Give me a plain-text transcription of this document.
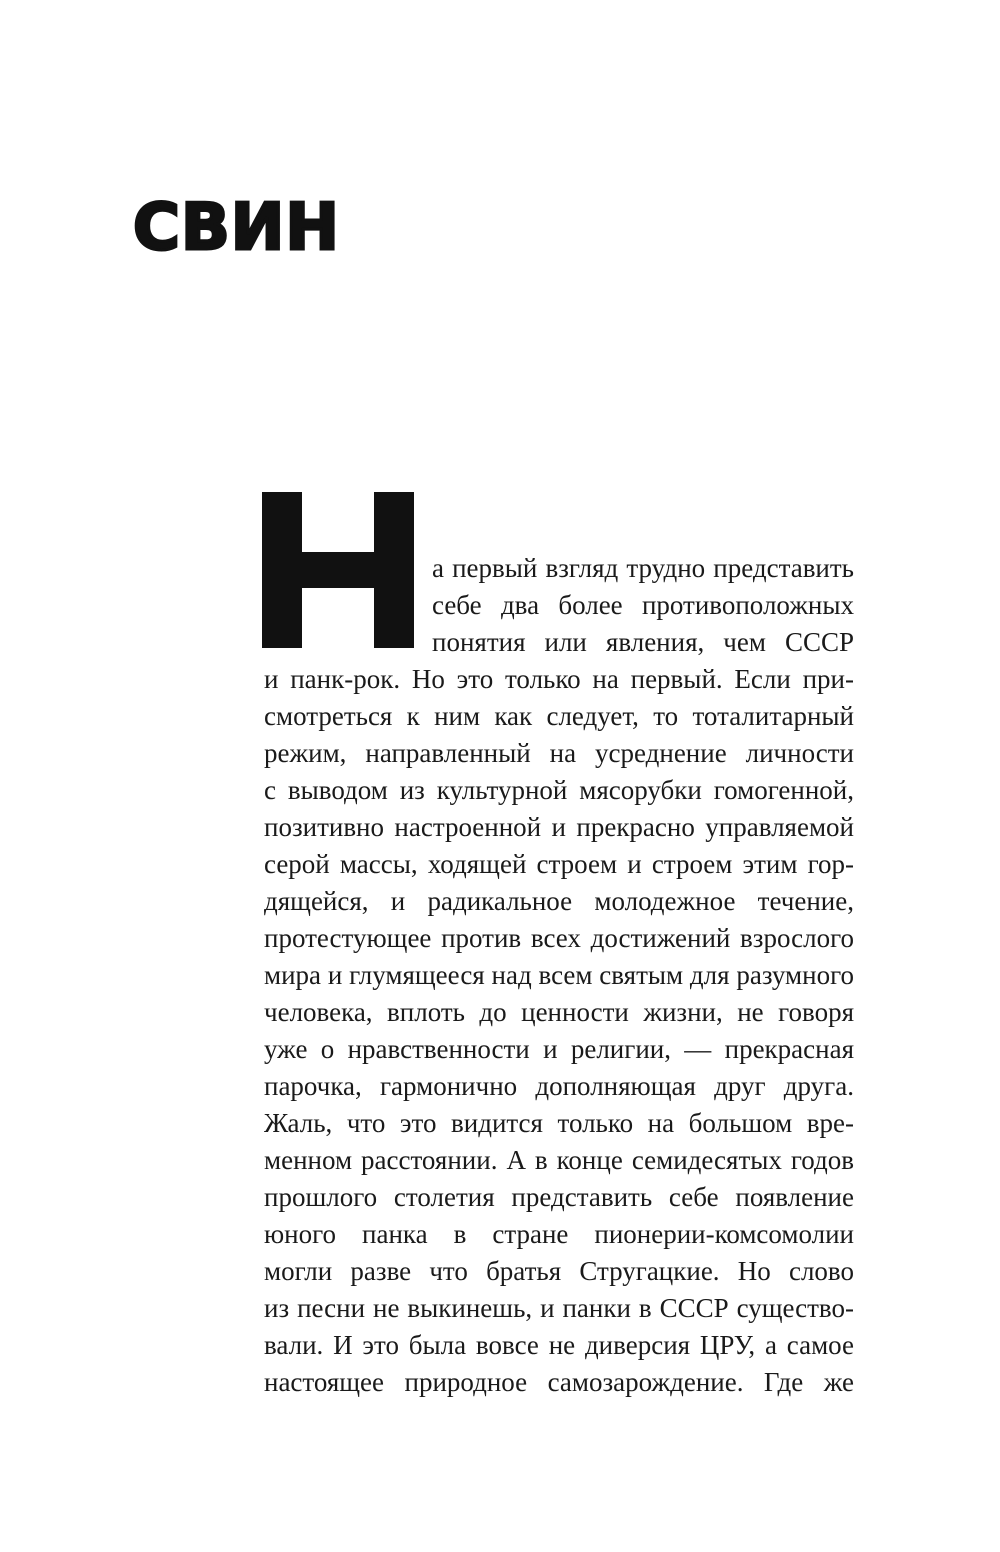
СВИН
а первый взгляд трудно представить
себе два более противоположных
понятия или явления, чем СССР
и панк-рок. Но это только на первый. Если при-
смотреться к ним как следует, то тоталитарный
режим, направленный на усреднение личности
с выводом из культурной мясорубки гомогенной,
позитивно настроенной и прекрасно управляемой
серой массы, ходящей строем и строем этим гор-
дящейся, и радикальное молодежное течение,
протестующее против всех достижений взрослого
мира и глумящееся над всем святым для разумного
человека, вплоть до ценности жизни, не говоря
уже о нравственности и религии, — прекрасная
парочка, гармонично дополняющая друг друга.
Жаль, что это видится только на большом вре-
менном расстоянии. А в конце семидесятых годов
прошлого столетия представить себе появление
юного панка в стране пионерии-комсомолии
могли разве что братья Стругацкие. Но слово
из песни не выкинешь, и панки в СССР существо-
вали. И это была вовсе не диверсия ЦРУ, а самое
настоящее природное самозарождение. Где же
